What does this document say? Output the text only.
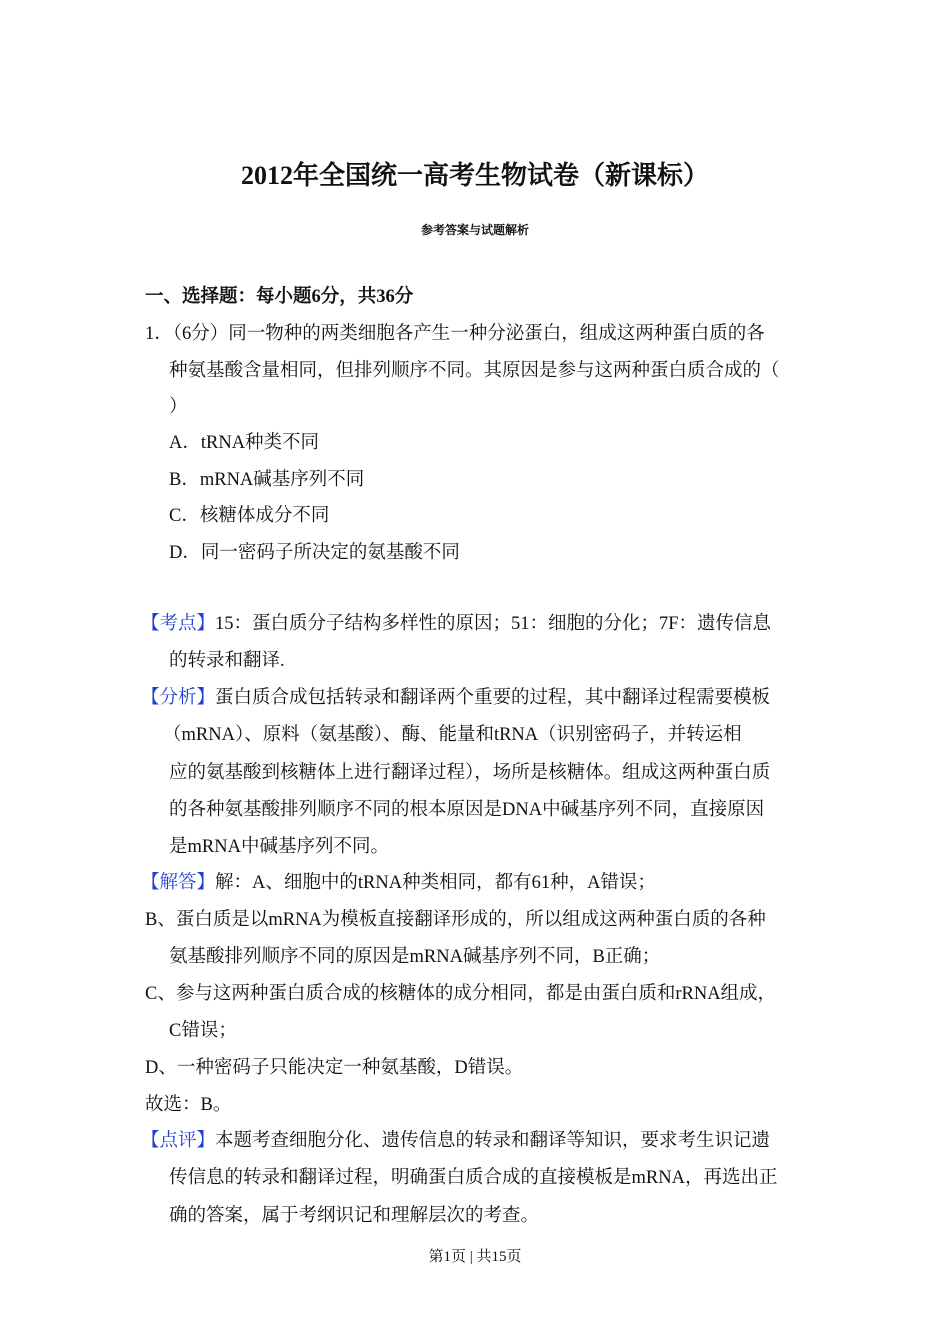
2012年全国统一高考生物试卷（新课标）
参考答案与试题解析
一、选择题：每小题6分，共36分
1．（6分）同一物种的两类细胞各产生一种分泌蛋白，组成这两种蛋白质的各
种氨基酸含量相同，但排列顺序不同。其原因是参与这两种蛋白质合成的（
）
A．tRNA种类不同
B．mRNA碱基序列不同
C．核糖体成分不同
D．同一密码子所决定的氨基酸不同
【考点】15：蛋白质分子结构多样性的原因；51：细胞的分化；7F：遗传信息
的转录和翻译.
【分析】蛋白质合成包括转录和翻译两个重要的过程，其中翻译过程需要模板
（mRNA）、原料（氨基酸）、酶、能量和tRNA（识别密码子，并转运相
应的氨基酸到核糖体上进行翻译过程），场所是核糖体。组成这两种蛋白质
的各种氨基酸排列顺序不同的根本原因是DNA中碱基序列不同，直接原因
是mRNA中碱基序列不同。
【解答】解：A、细胞中的tRNA种类相同，都有61种，A错误；
B、蛋白质是以mRNA为模板直接翻译形成的，所以组成这两种蛋白质的各种
氨基酸排列顺序不同的原因是mRNA碱基序列不同，B正确；
C、参与这两种蛋白质合成的核糖体的成分相同，都是由蛋白质和rRNA组成，
C错误；
D、一种密码子只能决定一种氨基酸，D错误。
故选：B。
【点评】本题考查细胞分化、遗传信息的转录和翻译等知识，要求考生识记遗
传信息的转录和翻译过程，明确蛋白质合成的直接模板是mRNA，再选出正
确的答案，属于考纲识记和理解层次的考查。
第1页 | 共15页
